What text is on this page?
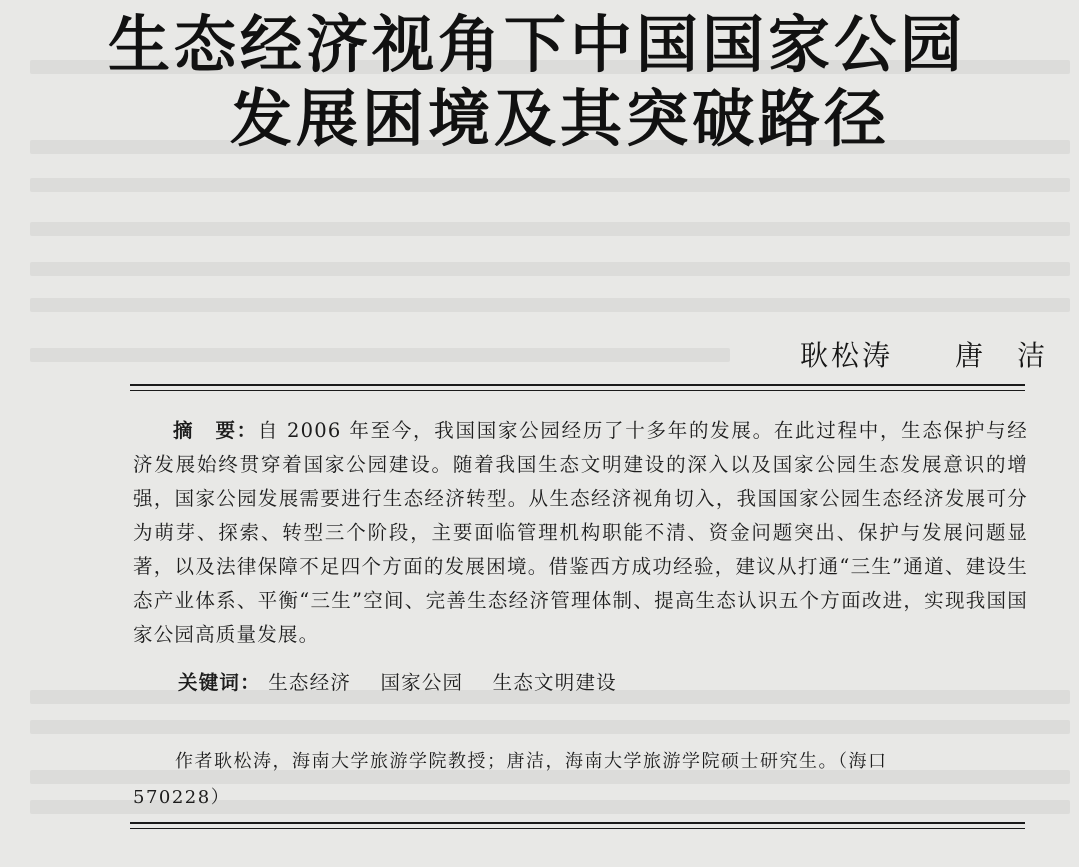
生态经济视角下中国国家公园
发展困境及其突破路径
耿松涛　　唐　洁
摘　要：自 2006 年至今，我国国家公园经历了十多年的发展。在此过程中，生态保护与经济发展始终贯穿着国家公园建设。随着我国生态文明建设的深入以及国家公园生态发展意识的增强，国家公园发展需要进行生态经济转型。从生态经济视角切入，我国国家公园生态经济发展可分为萌芽、探索、转型三个阶段，主要面临管理机构职能不清、资金问题突出、保护与发展问题显著，以及法律保障不足四个方面的发展困境。借鉴西方成功经验，建议从打通“三生”通道、建设生态产业体系、平衡“三生”空间、完善生态经济管理体制、提高生态认识五个方面改进，实现我国国家公园高质量发展。
关键词： 生态经济 国家公园 生态文明建设
作者耿松涛，海南大学旅游学院教授；唐洁，海南大学旅游学院硕士研究生。（海口
570228）
